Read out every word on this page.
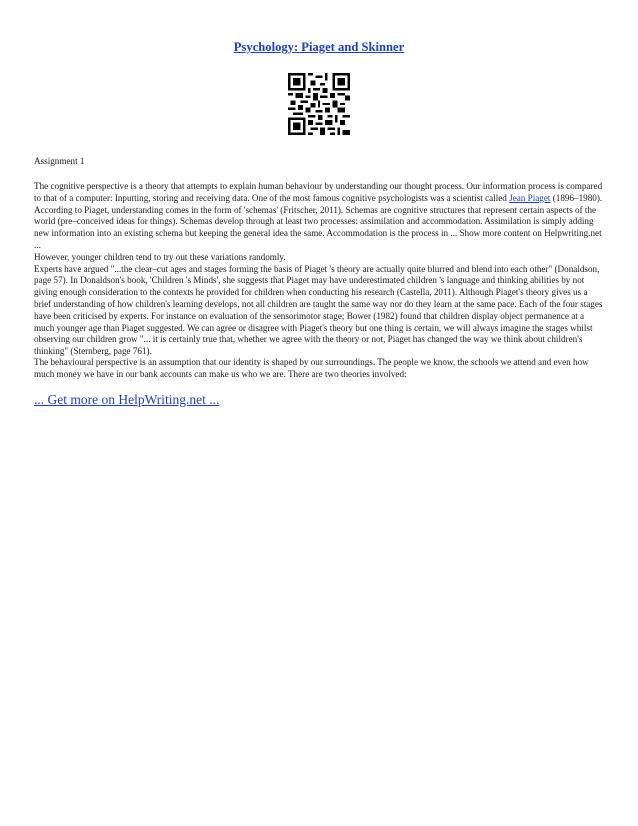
Psychology: Piaget and Skinner

Assignment 1

The cognitive perspective is a theory that attempts to explain human behaviour by understanding our thought process. Our information process is compared to that of a computer: Inputting, storing and receiving data. One of the most famous cognitive psychologists was a scientist called Jean Piaget (1896–1980). According to Piaget, understanding comes in the form of 'schemas' (Fritscher, 2011). Schemas are cognitive structures that represent certain aspects of the world (pre–conceived ideas for things). Schemas develop through at least two processes: assimilation and accommodation. Assimilation is simply adding new information into an existing schema but keeping the general idea the same. Accommodation is the process in ... Show more content on Helpwriting.net ...

However, younger children tend to try out these variations randomly.

Experts have argued "...the clear–cut ages and stages forming the basis of Piaget 's theory are actually quite blurred and blend into each other" (Donaldson, page 57). In Donaldson's book, 'Children 's Minds', she suggests that Piaget may have underestimated children 's language and thinking abilities by not giving enough consideration to the contexts he provided for children when conducting his research (Castella, 2011). Although Piaget's theory gives us a brief understanding of how children's learning develops, not all children are taught the same way nor do they learn at the same pace. Each of the four stages have been criticised by experts. For instance on evaluation of the sensorimotor stage; Bower (1982) found that children display object permanence at a much younger age than Piaget suggested. We can agree or disagree with Piaget's theory but one thing is certain, we will always imagine the stages whilst observing our children grow "... it is certainly true that, whether we agree with the theory or not, Piaget has changed the way we think about children's thinking" (Sternberg, page 761).

The behavioural perspective is an assumption that our identity is shaped by our surroundings. The people we know, the schools we attend and even how much money we have in our bank accounts can make us who we are. There are two theories involved:

... Get more on HelpWriting.net ...
